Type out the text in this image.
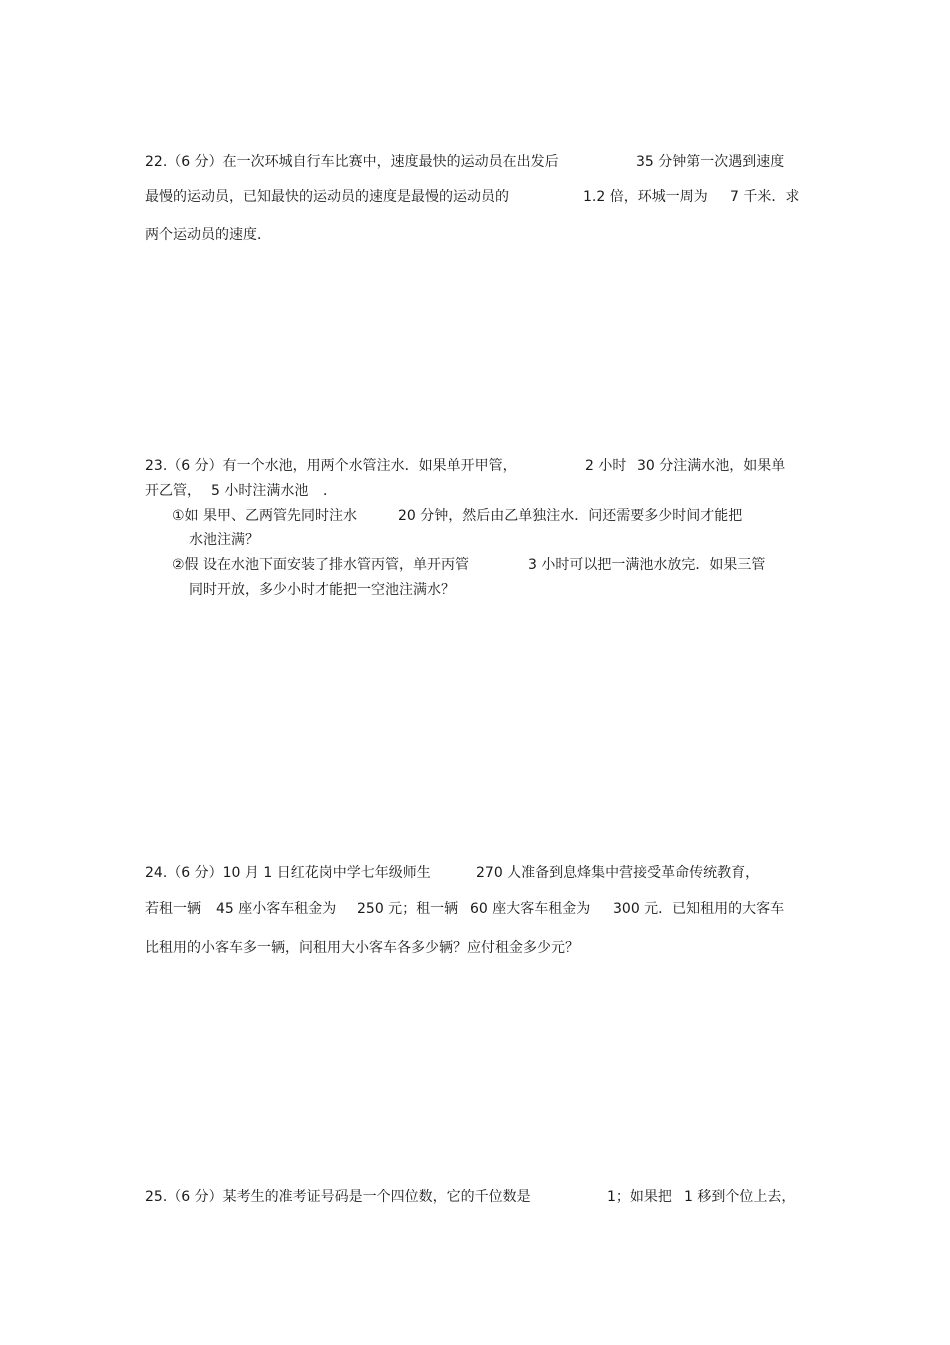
22.（6 分）在一次环城自行车比赛中，速度最快的运动员在出发后	35 分钟第一次遇到速度
最慢的运动员，已知最快的运动员的速度是最慢的运动员的	1.2 倍，环城一周为 7 千米．求
两个运动员的速度．
23.（6 分）有一个水池，用两个水管注水．如果单开甲管，	2 小时 30 分注满水池，如果单
开乙管， 5 小时注满水池 ．
①如 果甲、乙两管先同时注水	20 分钟，然后由乙单独注水．问还需要多少时间才能把
水池注满？
②假 设在水池下面安装了排水管丙管，单开丙管	3 小时可以把一满池水放完．如果三管
同时开放，多少小时才能把一空池注满水？
24.（6 分）10 月 1 日红花岗中学七年级师生	270 人准备到息烽集中营接受革命传统教育，
若租一辆 45 座小客车租金为 250 元；租一辆 60 座大客车租金为 300 元．已知租用的大客车
比租用的小客车多一辆，问租用大小客车各多少辆？应付租金多少元？
25.（6 分）某考生的准考证号码是一个四位数，它的千位数是	1；如果把 1 移到个位上去，
